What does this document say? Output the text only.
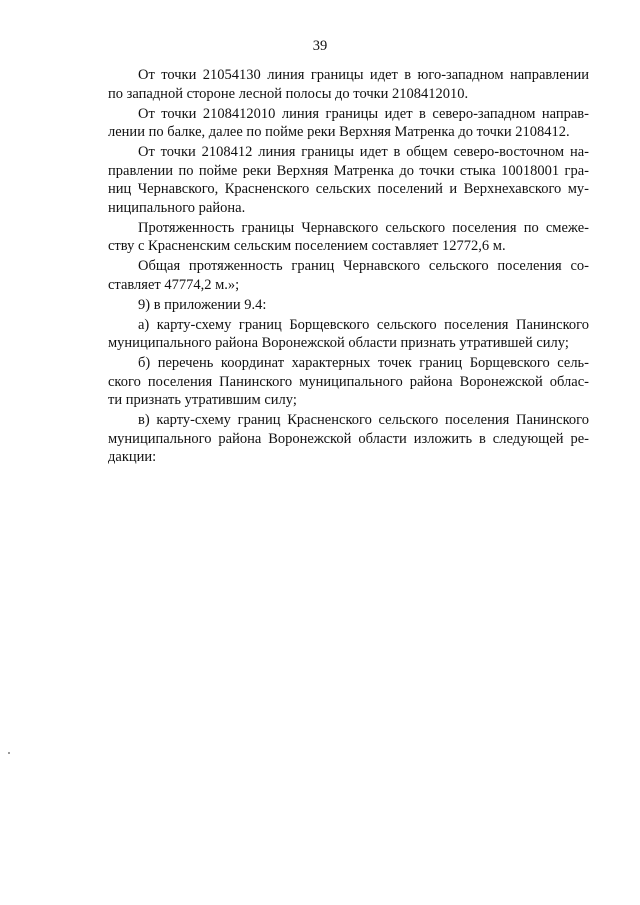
39
От точки 21054130 линия границы идет в юго-западном направлении
по западной стороне лесной полосы до точки 2108412010.
От точки 2108412010 линия границы идет в северо-западном направ-
лении по балке, далее по пойме реки Верхняя Матренка до точки 2108412.
От точки 2108412 линия границы идет в общем северо-восточном на-
правлении по пойме реки Верхняя Матренка до точки стыка 10018001 гра-
ниц Чернавского, Красненского сельских поселений и Верхнехавского му-
ниципального района.
Протяженность границы Чернавского сельского поселения по смеже-
ству с Красненским сельским поселением составляет 12772,6 м.
Общая протяженность границ Чернавского сельского поселения со-
ставляет 47774,2 м.»;
9) в приложении 9.4:
а) карту-схему границ Борщевского сельского поселения Панинского
муниципального района Воронежской области признать утратившей силу;
б) перечень координат характерных точек границ Борщевского сель-
ского поселения Панинского муниципального района Воронежской облас-
ти признать утратившим силу;
в) карту-схему границ Красненского сельского поселения Панинского
муниципального района Воронежской области изложить в следующей ре-
дакции:
